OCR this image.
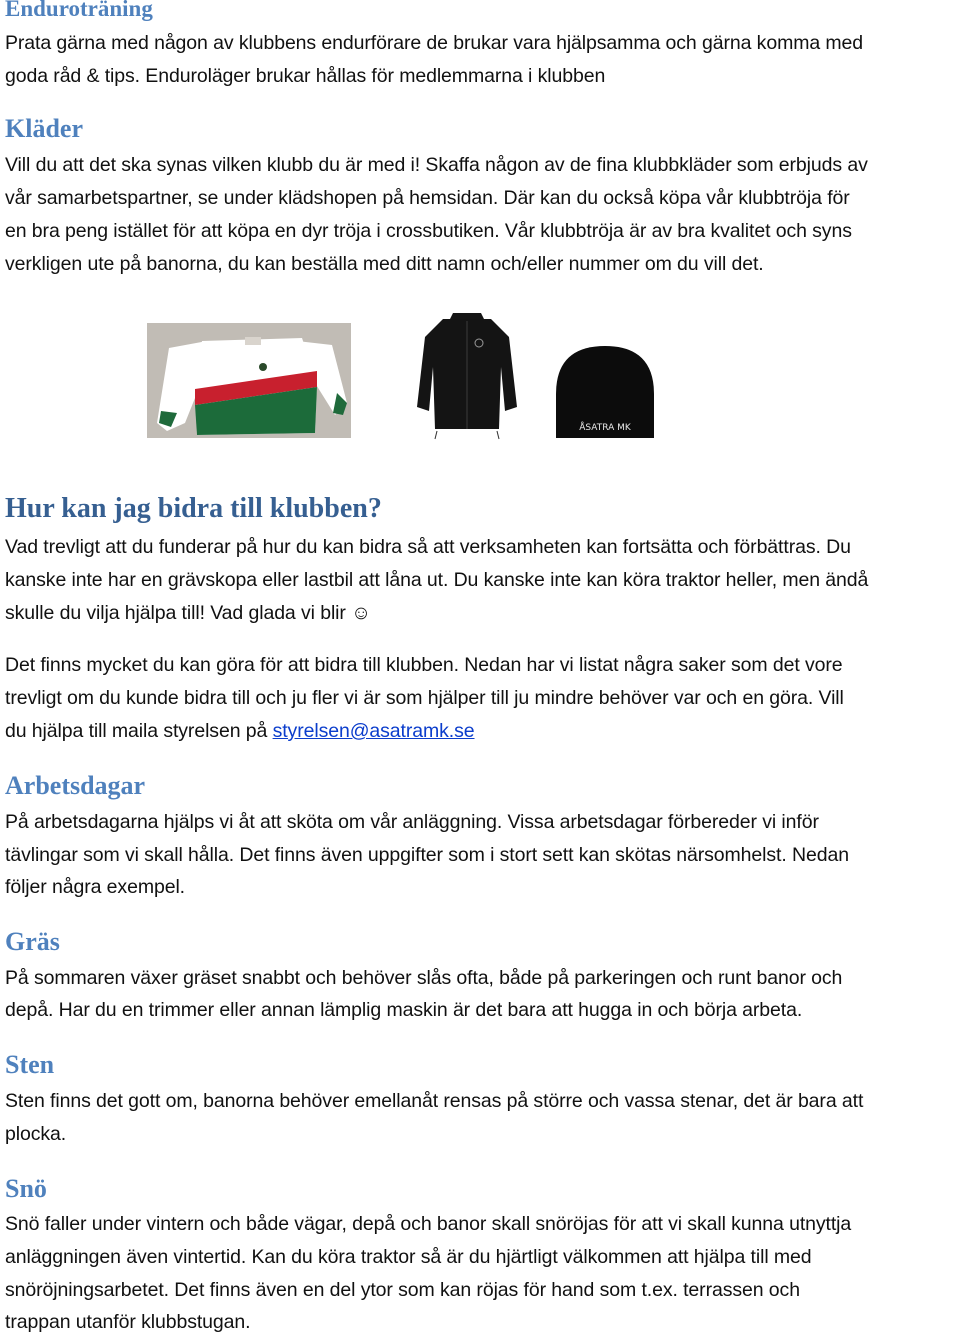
Enduroträning

Prata gärna med någon av klubbens endurförare de brukar vara hjälpsamma och gärna komma med

goda råd & tips. Enduroläger brukar hållas för medlemmarna i klubben

Kläder

Vill du att det ska synas vilken klubb du är med i! Skaffa någon av de fina klubbkläder som erbjuds av

vår samarbetspartner, se under klädshopen på hemsidan. Där kan du också köpa vår klubbtröja för

en bra peng istället för att köpa en dyr tröja i crossbutiken. Vår klubbtröja är av bra kvalitet och syns

verkligen ute på banorna, du kan beställa med ditt namn och/eller nummer om du vill det.

ÅSATRA MK
Hur kan jag bidra till klubben?

Vad trevligt att du funderar på hur du kan bidra så att verksamheten kan fortsätta och förbättras. Du

kanske inte har en grävskopa eller lastbil att låna ut. Du kanske inte kan köra traktor heller, men ändå

skulle du vilja hjälpa till! Vad glada vi blir ☺

Det finns mycket du kan göra för att bidra till klubben. Nedan har vi listat några saker som det vore

trevligt om du kunde bidra till och ju fler vi är som hjälper till ju mindre behöver var och en göra. Vill

du hjälpa till maila styrelsen på styrelsen@asatramk.se

Arbetsdagar

På arbetsdagarna hjälps vi åt att sköta om vår anläggning. Vissa arbetsdagar förbereder vi inför

tävlingar som vi skall hålla. Det finns även uppgifter som i stort sett kan skötas närsomhelst. Nedan

följer några exempel.

Gräs

På sommaren växer gräset snabbt och behöver slås ofta, både på parkeringen och runt banor och

depå. Har du en trimmer eller annan lämplig maskin är det bara att hugga in och börja arbeta.

Sten

Sten finns det gott om, banorna behöver emellanåt rensas på större och vassa stenar, det är bara att

plocka.

Snö

Snö faller under vintern och både vägar, depå och banor skall snöröjas för att vi skall kunna utnyttja

anläggningen även vintertid. Kan du köra traktor så är du hjärtligt välkommen att hjälpa till med

snöröjningsarbetet. Det finns även en del ytor som kan röjas för hand som t.ex. terrassen och

trappan utanför klubbstugan.
